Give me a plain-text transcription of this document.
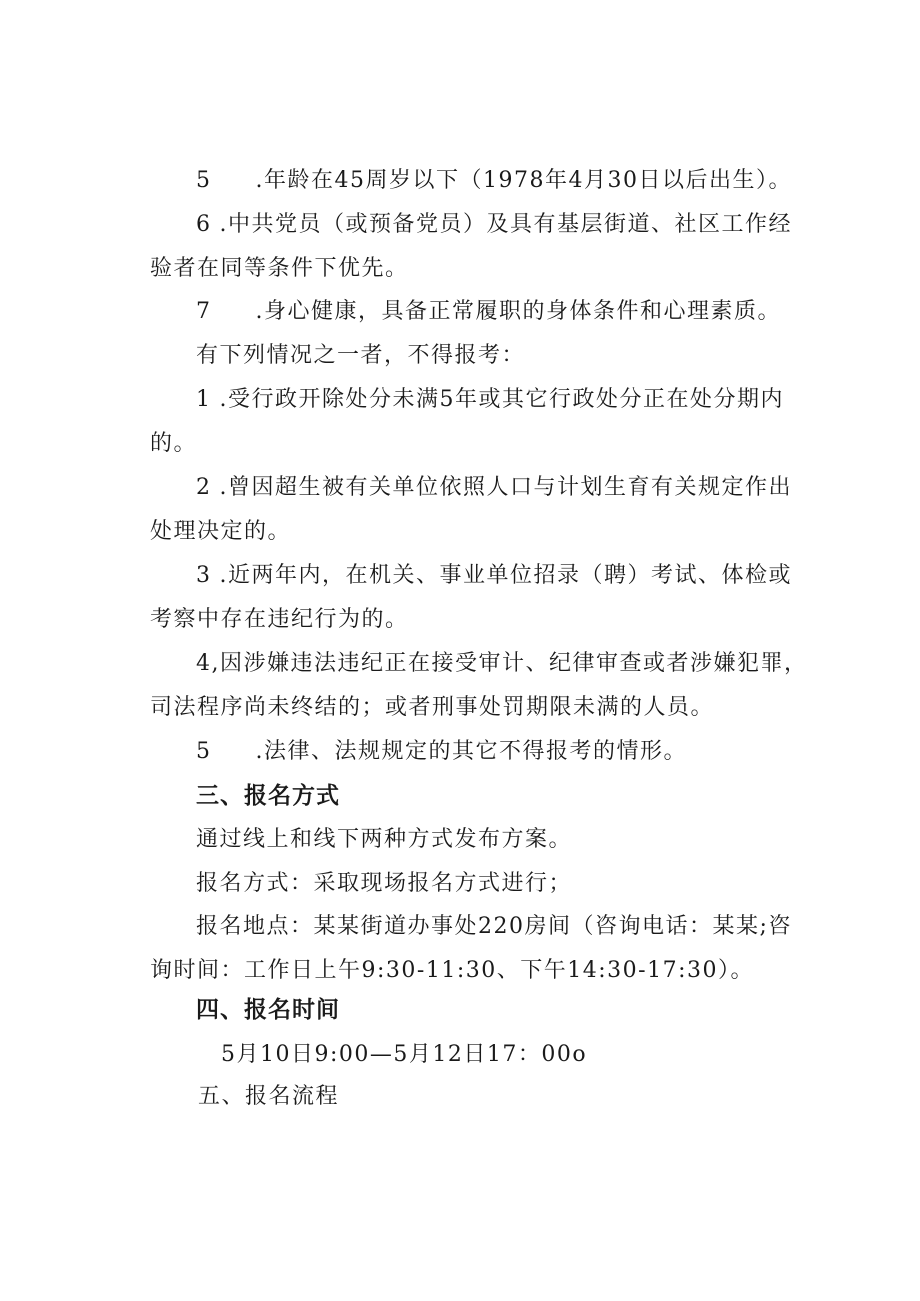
5 .年龄在45周岁以下（1978年4月30日以后出生）。
6 .中共党员（或预备党员）及具有基层街道、社区工作经
验者在同等条件下优先。
7 .身心健康，具备正常履职的身体条件和心理素质。
有下列情况之一者，不得报考：
1 .受行政开除处分未满5年或其它行政处分正在处分期内
的。
2 .曾因超生被有关单位依照人口与计划生育有关规定作出
处理决定的。
3 .近两年内，在机关、事业单位招录（聘）考试、体检或
考察中存在违纪行为的。
4,因涉嫌违法违纪正在接受审计、纪律审查或者涉嫌犯罪，
司法程序尚未终结的；或者刑事处罚期限未满的人员。
5 .法律、法规规定的其它不得报考的情形。
三、报名方式
通过线上和线下两种方式发布方案。
报名方式：采取现场报名方式进行；
报名地点：某某街道办事处220房间（咨询电话：某某;咨
询时间：工作日上午9:30-11:30、下午14:30-17:30）。
四、报名时间
5月10日9:00—5月12日17：00o
五、报名流程
